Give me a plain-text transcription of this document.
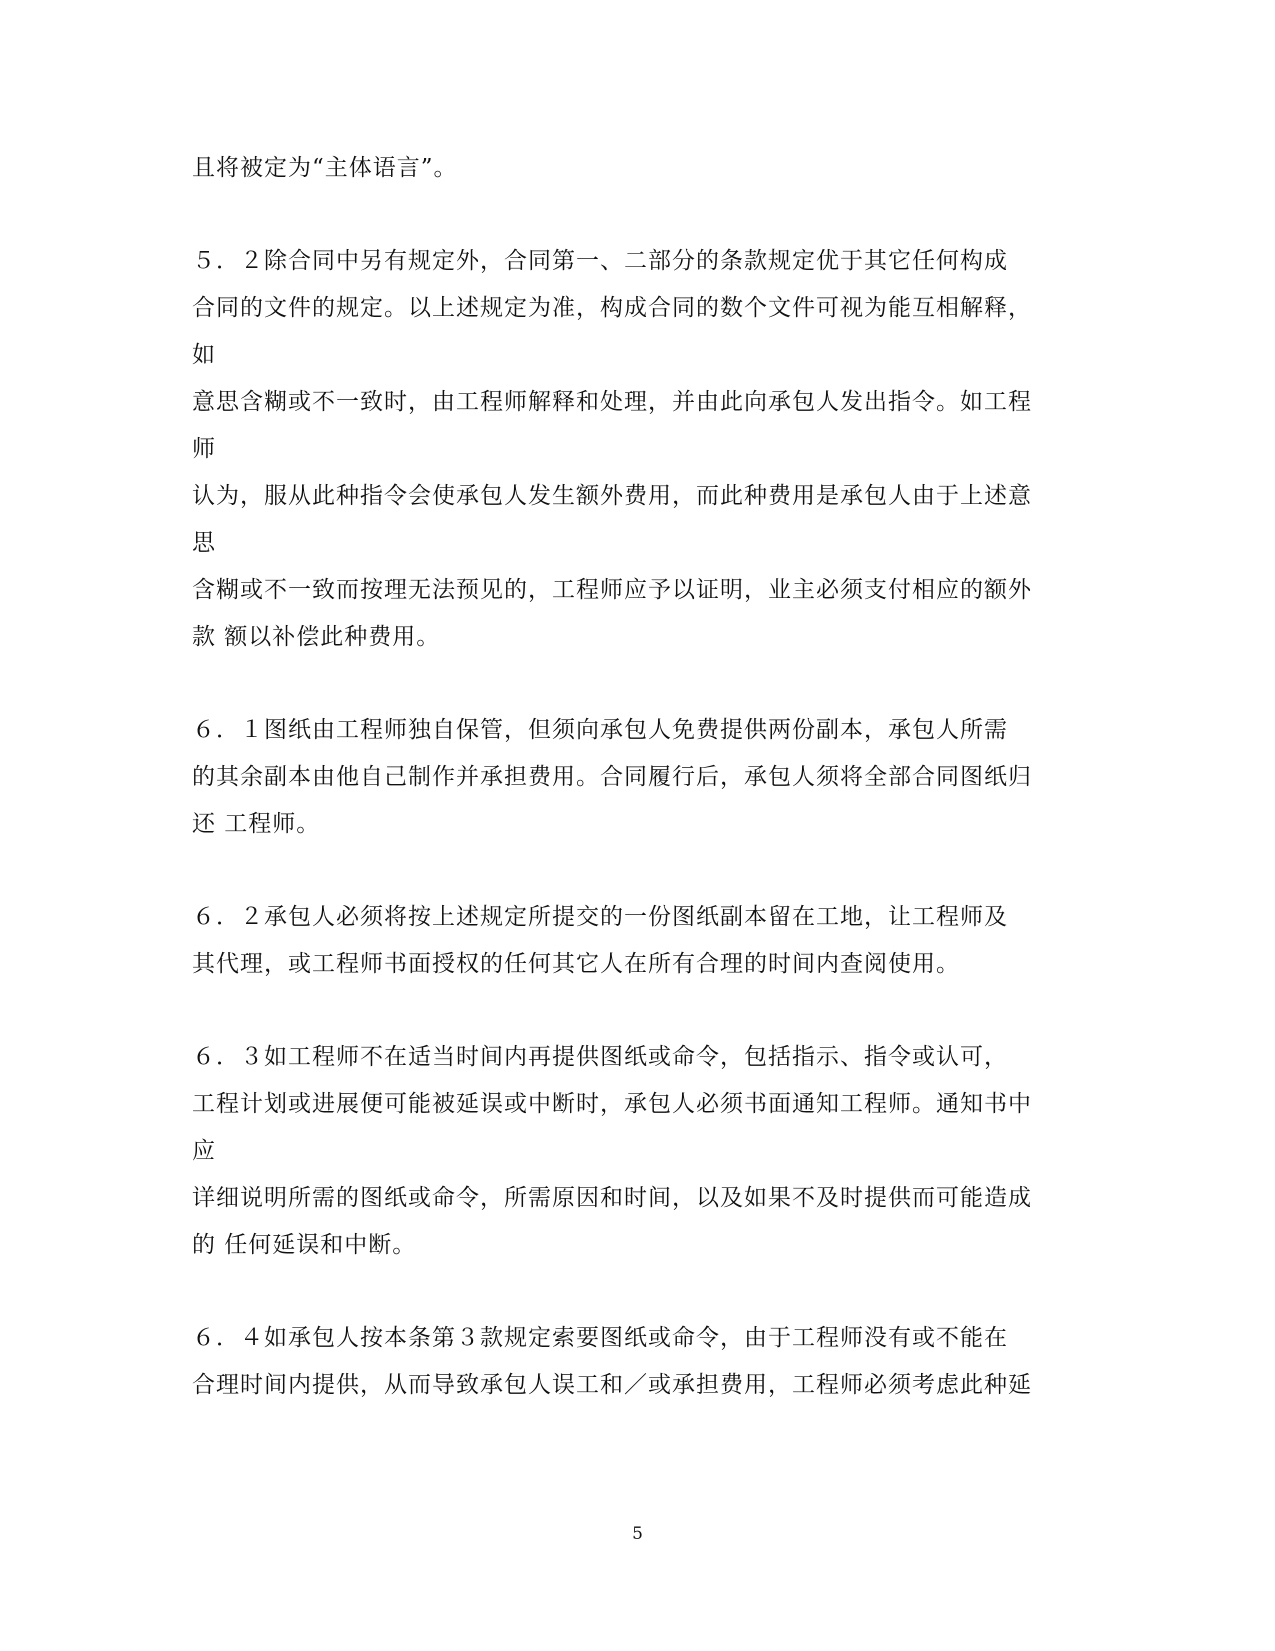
且将被定为“主体语言”。
５．２除合同中另有规定外，合同第一、二部分的条款规定优于其它任何构成
合同的文件的规定。以上述规定为准，构成合同的数个文件可视为能互相解释，
如
意思含糊或不一致时，由工程师解释和处理，并由此向承包人发出指令。如工程
师
认为，服从此种指令会使承包人发生额外费用，而此种费用是承包人由于上述意
思
含糊或不一致而按理无法预见的，工程师应予以证明，业主必须支付相应的额外
款 额以补偿此种费用。
６．１图纸由工程师独自保管，但须向承包人免费提供两份副本，承包人所需
的其余副本由他自己制作并承担费用。合同履行后，承包人须将全部合同图纸归
还 工程师。
６．２承包人必须将按上述规定所提交的一份图纸副本留在工地，让工程师及
其代理，或工程师书面授权的任何其它人在所有合理的时间内查阅使用。
６．３如工程师不在适当时间内再提供图纸或命令，包括指示、指令或认可，
工程计划或进展便可能被延误或中断时，承包人必须书面通知工程师。通知书中
应
详细说明所需的图纸或命令，所需原因和时间，以及如果不及时提供而可能造成
的 任何延误和中断。
６．４如承包人按本条第３款规定索要图纸或命令，由于工程师没有或不能在
合理时间内提供，从而导致承包人误工和／或承担费用，工程师必须考虑此种延
5
